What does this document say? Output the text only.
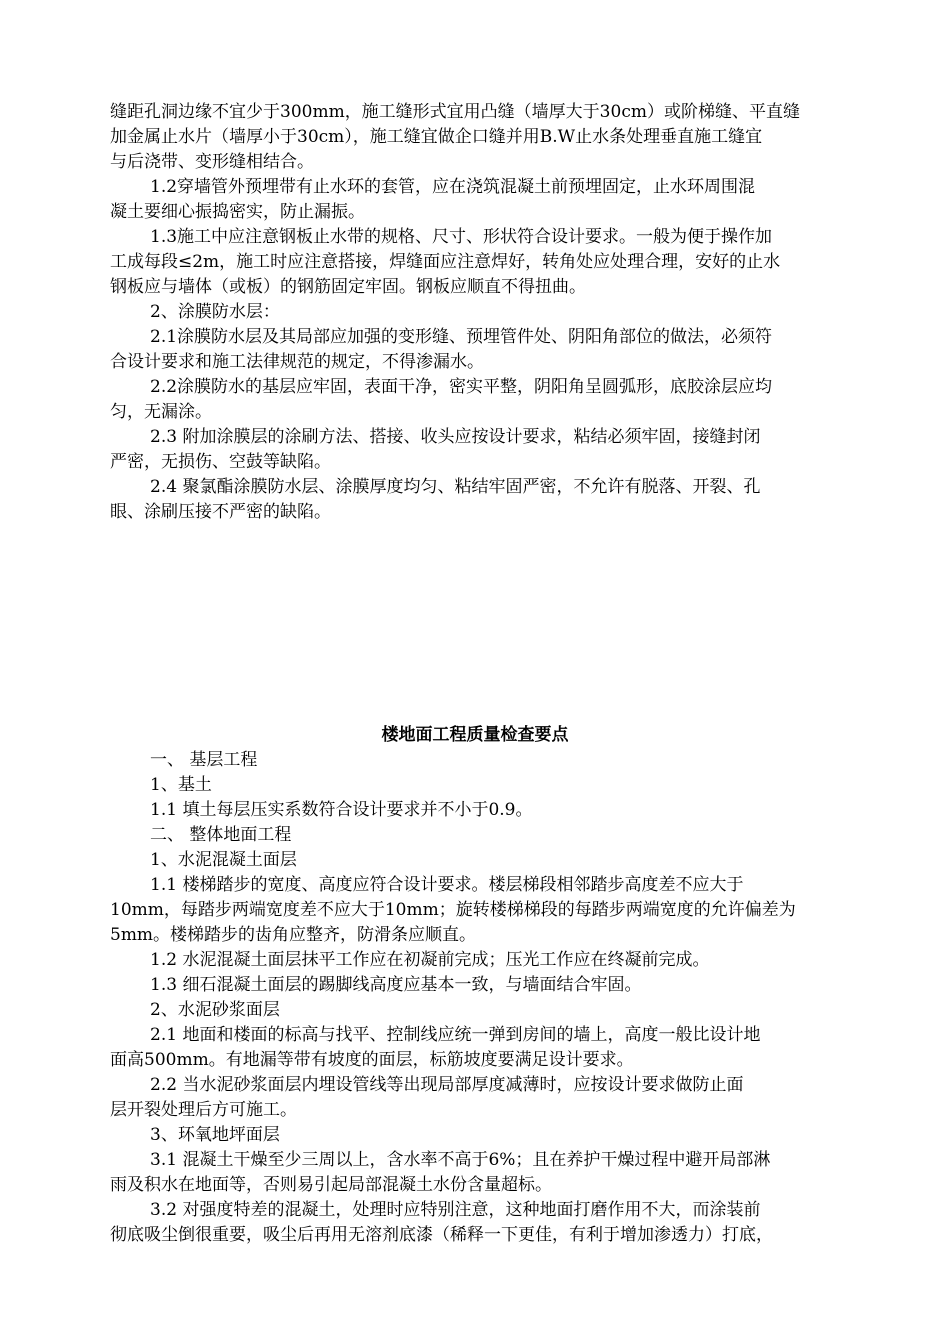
缝距孔洞边缘不宜少于300mm，施工缝形式宜用凸缝（墙厚大于30cm）或阶梯缝、平直缝
加金属止水片（墙厚小于30cm），施工缝宜做企口缝并用B.W止水条处理垂直施工缝宜
与后浇带、变形缝相结合。
1.2穿墙管外预埋带有止水环的套管，应在浇筑混凝土前预埋固定，止水环周围混
凝土要细心振捣密实，防止漏振。
1.3施工中应注意钢板止水带的规格、尺寸、形状符合设计要求。一般为便于操作加
工成每段≤2m，施工时应注意搭接，焊缝面应注意焊好，转角处应处理合理，安好的止水
钢板应与墙体（或板）的钢筋固定牢固。钢板应顺直不得扭曲。
2、涂膜防水层：
2.1涂膜防水层及其局部应加强的变形缝、预埋管件处、阴阳角部位的做法，必须符
合设计要求和施工法律规范的规定，不得渗漏水。
2.2涂膜防水的基层应牢固，表面干净，密实平整，阴阳角呈圆弧形，底胶涂层应均
匀，无漏涂。
2.3 附加涂膜层的涂刷方法、搭接、收头应按设计要求，粘结必须牢固，接缝封闭
严密，无损伤、空鼓等缺陷。
2.4 聚氯酯涂膜防水层、涂膜厚度均匀、粘结牢固严密，不允许有脱落、开裂、孔
眼、涂刷压接不严密的缺陷。
楼地面工程质量检查要点
一、 基层工程
1、基土
1.1 填土每层压实系数符合设计要求并不小于0.9。
二、 整体地面工程
1、水泥混凝土面层
1.1 楼梯踏步的宽度、高度应符合设计要求。楼层梯段相邻踏步高度差不应大于
10mm，每踏步两端宽度差不应大于10mm；旋转楼梯梯段的每踏步两端宽度的允许偏差为
5mm。楼梯踏步的齿角应整齐，防滑条应顺直。
1.2 水泥混凝土面层抹平工作应在初凝前完成；压光工作应在终凝前完成。
1.3 细石混凝土面层的踢脚线高度应基本一致，与墙面结合牢固。
2、水泥砂浆面层
2.1 地面和楼面的标高与找平、控制线应统一弹到房间的墙上，高度一般比设计地
面高500mm。有地漏等带有坡度的面层，标筋坡度要满足设计要求。
2.2 当水泥砂浆面层内埋设管线等出现局部厚度减薄时，应按设计要求做防止面
层开裂处理后方可施工。
3、环氧地坪面层
3.1 混凝土干燥至少三周以上，含水率不高于6%；且在养护干燥过程中避开局部淋
雨及积水在地面等，否则易引起局部混凝土水份含量超标。
3.2 对强度特差的混凝土，处理时应特别注意，这种地面打磨作用不大，而涂装前
彻底吸尘倒很重要，吸尘后再用无溶剂底漆（稀释一下更佳，有利于增加渗透力）打底，
